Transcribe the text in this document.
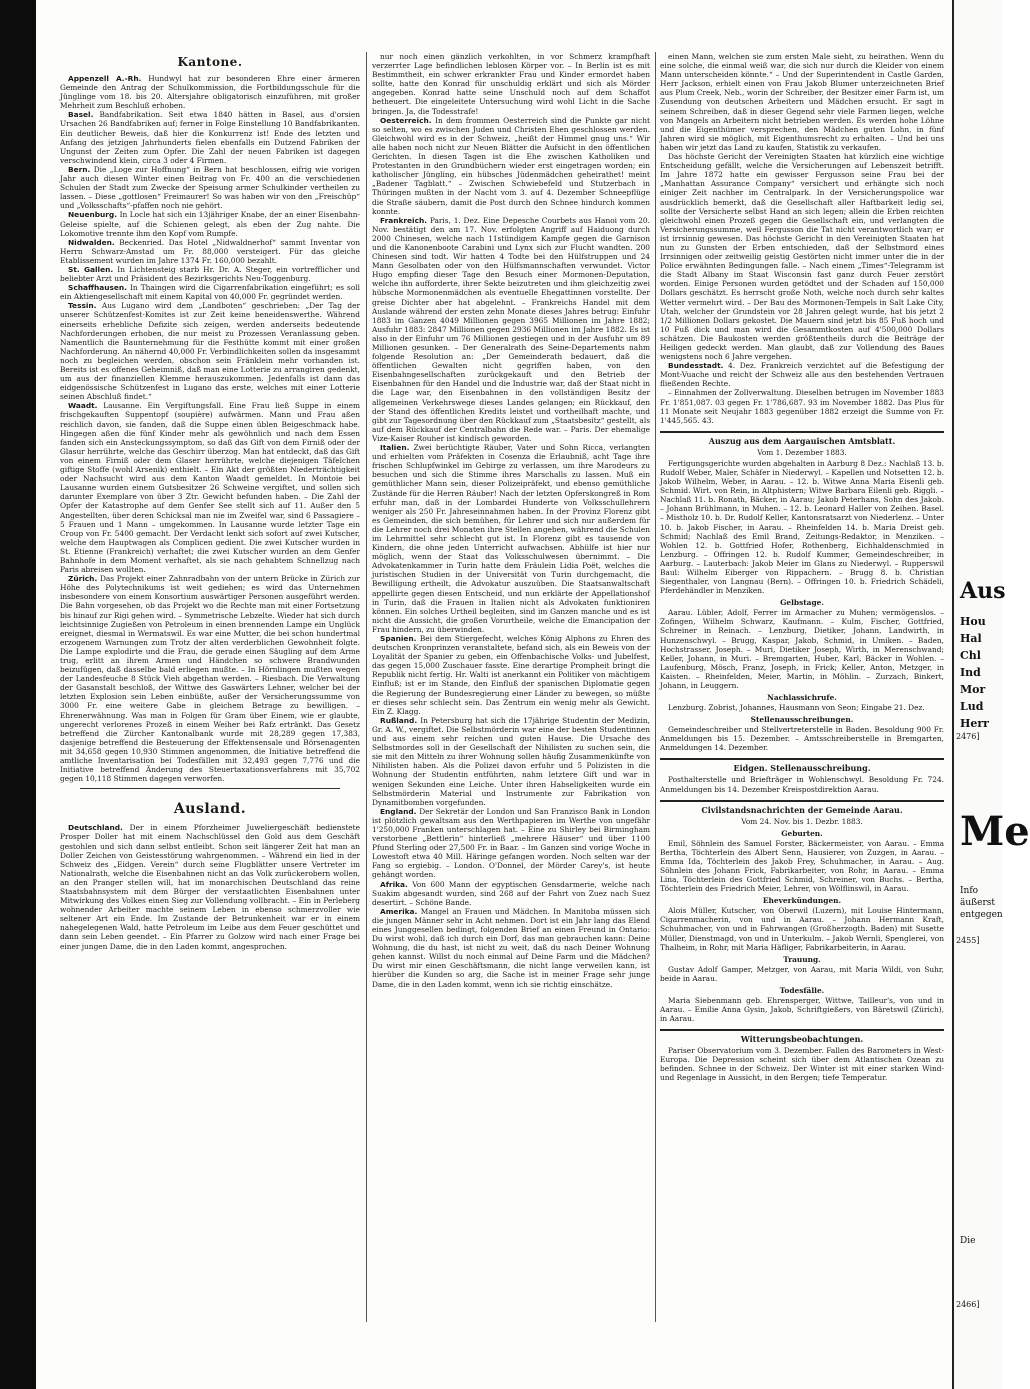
Kantone.

Appenzell A.-Rh. Hundwyl hat zur besonderen Ehre einer ärmeren Gemeinde den Antrag der Schulkommission, die Fortbildungsschule für die Jünglinge vom 18. bis 20. Altersjahre obligatorisch einzuführen, mit großer Mehrheit zum Beschluß erhoben.

Basel. Bandfabrikation. Seit etwa 1840 hätten in Basel, aus d'orsien Ursachen 26 Bandfabriken auf; ferner in Folge Einstellung 10 Bandfabrikanten. Ein deutlicher Beweis, daß hier die Konkurrenz ist! Ende des letzten und Anfang des jetzigen Jahrhunderts fielen ebenfalls ein Dutzend Fabriken der Ungunst der Zeiten zum Opfer. Die Zahl der neuen Fabriken ist dagegen verschwindend klein, circa 3 oder 4 Firmen.

Bern. Die „Loge zur Hoffnung“ in Bern hat beschlossen, eifrig wie vorigen Jahr auch diesen Winter einen Beitrag von Fr. 400 an die verschiedenen Schulen der Stadt zum Zwecke der Speisung armer Schulkinder vertheilen zu lassen. – Diese „gottlosen“ Freimaurer! So was haben wir von den „Freischüp“ und „Volksschafts“-pfaffen noch nie gehört.

Neuenburg. In Locle hat sich ein 13jähriger Knabe, der an einer Eisenbahn-Geleise spielte, auf die Schienen gelegt, als eben der Zug nahte. Die Lokomotive trennte ihm den Kopf vom Rumpfe.

Nidwalden. Beckenried. Das Hotel „Nidwaldnerhof“ sammt Inventar von Herrn Schwarz-Amstad um Fr. 88,000 versteigert. Für das gleiche Etablissement wurden im Jahre 1374 Fr. 160,000 bezahlt.

St. Gallen. In Lichtensteig starb Hr. Dr. A. Steger, ein vortrefflicher und beliebter Arzt und Präsident des Bezirksgerichts Neu-Toggenburg.

Schaffhausen. In Thaingen wird die Cigarrenfabrikation eingeführt; es soll ein Aktiengesellschaft mit einem Kapital von 40,000 Fr. gegründet werden.

Tessin. Aus Lugano wird dem „Landboten“ geschrieben: „Der Tag der unserer Schützenfest-Komites ist zur Zeit keine beneidenswerthe. Während einerseits erhebliche Defizite sich zeigen, werden anderseits bedeutende Nachforderungen erhoben, die nur meist zu Prozessen Veranlassung geben. Namentlich die Baunternehmung für die Festhütte kommt mit einer großen Nachforderung. An nähernd 40,000 Fr. Verbindlichkeiten sollen da insgesammt noch zu begleichen werden, obschon sein Fränklein mehr vorhanden ist. Bereits ist es offenes Geheimniß, daß man eine Lotterie zu arrangiren gedenkt, um aus der finanziellen Klemme herauszukommen. Jedenfalls ist dann das eidgenössische Schützenfest in Lugano das erste, welches mit einer Lotterie seinen Abschluß findet.“

Waadt. Lausanne. Ein Vergiftungsfall. Eine Frau ließ Suppe in einem frischgekauften Suppentopf (soupière) aufwärmen. Mann und Frau aßen reichlich davon, sie fanden, daß die Suppe einen üblen Beigeschmack habe. Hingegen aßen die fünf Kinder mehr als gewöhnlich und nach dem Essen fanden sich ein Ansteckungssymptom, so daß das Gift von dem Firniß oder der Glasur herrührte, welche das Geschirr überzog. Man hat entdeckt, daß das Gift von einem Firniß oder dem Glaser herrührte, welche diejenigen Täfelchen giftige Stoffe (wohl Arsenik) enthielt. – Ein Akt der größten Niederträchtigkeit oder Nachsucht wird aus dem Kanton Waadt gemeldet. In Montoie bei Lausanne wurden einem Gutsbesitzer 26 Schweine vergiftet, und sollen sich darunter Exemplare von über 3 Ztr. Gewicht befunden haben. – Die Zahl der Opfer der Katastrophe auf dem Genfer See stellt sich auf 11. Außer den 5 Angestellten, über deren Schicksal man nie im Zweifel war, sind 6 Passagiere – 5 Frauen und 1 Mann – umgekommen. In Lausanne wurde letzter Tage ein Croup von Fr. 5400 gemacht. Der Verdacht lenkt sich sofort auf zwei Kutscher, welche dem Hauptwagen als Complicen gedient. Die zwei Kutscher wurden in St. Etienne (Frankreich) verhaftet; die zwei Kutscher wurden an dem Genfer Bahnhofe in dem Moment verhaftet, als sie nach gehabtem Schnellzug nach Paris abreisen wollten.

Zürich. Das Projekt einer Zahnradbahn von der untern Brücke in Zürich zur Höhe des Polytechnikums ist weit gediehen; es wird das Unternehmen insbesondere von einem Konsortium auswärtiger Personen ausgeführt werden. Die Bahn vorgesehen, ob das Projekt wo die Rechte man mit einer Fortsetzung bis hinauf zur Rigi gehen wird. – Symmetrische Lebzelte. Wieder hat sich durch leichtsinnige Zugießen von Petroleum in einen brennenden Lampe ein Unglück ereignet, diesmal in Wermatswil. Es war eine Mutter, die bei schon hundertmal erzogenem Warnungen zum Trotz der alten verderblichen Gewohnheit folgte. Die Lampe explodirte und die Frau, die gerade einen Säugling auf dem Arme trug, erlitt an ihrem Armen und Händchen so schwere Brandwunden beizufügen, daß dasselbe bald erliegen mußte. – In Hörnlingen mußten wegen der Landesfeuche 8 Stück Vieh abgethan werden. – Riesbach. Die Verwaltung der Gasanstalt beschloß, der Wittwe des Gaswärters Lehner, welcher bei der letzten Explosion sein Leben einbüßte, außer der Versicherungssumme von 3000 Fr. eine weitere Gabe in gleichem Betrage zu bewilligen. – Ehrenerwähnung. Was man in Folgen für Gram über Einem, wie er glaubte, ungerecht verlorenes Prozeß in einem Weiher bei Rafz ertränkt. Das Gesetz betreffend die Zürcher Kantonalbank wurde mit 28,289 gegen 17,383, dasjenige betreffend die Besteuerung der Effektensensale und Börsenagenten mit 34,658 gegen 10,930 Stimmen angenommen, die Initiative betreffend die amtliche Inventarisation bei Todesfällen mit 32,493 gegen 7,776 und die Initiative betreffend Änderung des Steuertaxationsverfahrens mit 35,702 gegen 10,118 Stimmen dagegen verworfen.

Ausland.

Deutschland. Der in einem Pforzheimer Juweliergeschäft bedienstete Prosper Doller hat mit einem Nachschlüssel den Gold aus dem Geschäft gestohlen und sich dann selbst entleibt. Schon seit längerer Zeit hat man an Doller Zeichen von Geistesstörung wahrgenommen. – Während ein lied in der Schweiz des „Eidgen. Verein“ durch seine Flugblätter unsere Vertreter im Nationalrath, welche die Eisenbahnen nicht an das Volk zurückerobern wollen, an den Pranger stellen will, hat im monarchischen Deutschland das reine Staatsbahnsystem mit dem Bürger der verstaatlichten Eisenbahnen unter Mitwirkung des Volkes einen Sieg zur Vollendung vollbracht. – Ein in Perleberg wohnender Arbeiter machte seinem Leben in ebenso schmerzvoller wie seltener Art ein Ende. Im Zustande der Betrunkenheit war er in einem nahegelegenen Wald, hatte Petroleum im Leibe aus dem Feuer geschüttet und dann sein Leben geendet. – Ein Pfarrer zu Golzow wird nach einer Frage bei einer jungen Dame, die in den Laden kommt, angesprochen.

nur noch einen gänzlich verkohlten, in vor Schmerz krampfhaft verzerrter Lage befindlichen leblosen Körper vor. – In Berlin ist es mit Bestimmtheit, ein schwer erkrankter Frau und Kinder ermordet haben sollte, hatte den Konrad für unschuldig erklärt und sich als Mörder angegeben. Konrad hatte seine Unschuld noch auf dem Schaffot betheuert. Die eingeleitete Untersuchung wird wohl Licht in die Sache bringen. Ja, die Todesstrafe!

Oesterreich. In dem frommen Oesterreich sind die Punkte gar nicht so selten, wo es zwischen Juden und Christen Ehen geschlossen werden. Gleichwohl wird es in der Schweiz, „heißt der Himmel gnug uns.“ Wir alle haben noch nicht zur Neuen Blätter die Aufsicht in den öffentlichen Gerichten. In diesen Tagen ist die Ehe zwischen Katholiken und Protestanten in den Grundbüchern wieder erst eingetragen worden; ein katholischer Jüngling, ein hübsches Jüdenmädchen geheirathet! meint „Badener Tagblatt.“ – Zwischen Schwiebefeld und Stutzerbach in Thüringen mußten in der Nacht vom 3. auf 4. Dezember Schneepflüge die Straße säubern, damit die Post durch den Schnee hindurch kommen konnte.

Frankreich. Paris, 1. Dez. Eine Depesche Courbets aus Hanoi vom 20. Nov. bestätigt den am 17. Nov. erfolgten Angriff auf Haiduong durch 2000 Chinesen, welche nach 11stündigem Kampfe gegen die Garnison und die Kanonenboote Carabini und Lynx sich zur Flucht wandten. 200 Chinesen sind todt. Wir hatten 4 Todte bei den Hülfstruppen und 24 Mann Gesolbaten oder von den Hülfsmannschaften verwundet. Victor Hugo empfing dieser Tage den Besuch einer Mormonen-Deputation, welche ihn aufforderte, ihrer Sekte beizutreten und ihm gleichzeitig zwei hübsche Mormonenmädchen als eventuelle Ehegattinnen vorstellte. Der greise Dichter aber hat abgelehnt. – Frankreichs Handel mit dem Auslande während der ersten zehn Monate dieses Jahres betrug: Einfuhr 1883 im Ganzen 4049 Millionen gegen 3965 Millionen im Jahre 1882; Ausfuhr 1883: 2847 Millionen gegen 2936 Millionen im Jahre 1882. Es ist also in der Einfuhr um 76 Millionen gestiegen und in der Ausfuhr um 89 Millionen gesunken. – Der Generalrath des Seine-Departements nahm folgende Resolution an: „Der Gemeinderath bedauert, daß die öffentlichen Gewalten nicht gegriffen haben, von den Eisenbahngesellschaften zurückgekauft und den Betrieb der Eisenbahnen für den Handel und die Industrie war, daß der Staat nicht in die Lage war, den Eisenbahnen in den vollständigen Besitz der allgemeinen Verkehrswege dieses Landes gelangen; ein Rückkauf, den der Stand des öffentlichen Kredits leistet und vortheilhaft machte, und gibt zur Tagesordnung über den Rückkauf zum „Staatsbesitz“ gestellt, als auf dem Rückkauf der Centralbahn die Rede war. – Paris. Der ehemalige Vize-Kaiser Rouher ist kindisch geworden.

Italien. Zwei berüchtigte Räuber, Vater und Sohn Ricca, verlangten und erhielten vom Präfekten in Cosenza die Erlaubniß, acht Tage ihre frischen Schlupfwinkel im Gebirge zu verlassen, um ihre Marodeurs zu besuchen und sich die Stimme ihres Marschalls zu lassen. Muß ein gemüthlicher Mann sein, dieser Polizeipräfekt, und ebenso gemüthliche Zustände für die Herren Räuber! Nach der letzten Opferskongreß in Rom erfuhr man, daß in der Lombardei Hunderte von Volksschullehrern weniger als 250 Fr. Jahreseinnahmen haben. In der Provinz Florenz gibt es Gemeinden, die sich bemühen, für Lehrer und sich nur außerdem für die Lehrer noch drei Monaten ihre Stellen angeben, während die Schulen im Lehrmittel sehr schlecht gut ist. In Florenz gibt es tausende von Kindern, die ohne jeden Unterricht aufwachsen. Abhülfe ist hier nur möglich, wenn der Staat das Volksschulwesen übernimmt. – Die Advokatenkammer in Turin hatte dem Fräulein Lidia Poët, welches die juristischen Studien in der Universität von Turin durchgemacht, die Bewilligung ertheilt, die Advokatur auszuüben. Die Staatsanwaltschaft appellirte gegen diesen Entscheid, und nun erklärte der Appellationshof in Turin, daß die Frauen in Italien nicht als Advokaten funktioniren können. Ein solches Urtheil begleiten, sind im Ganzen manche und es ist nicht die Aussicht, die großen Vorurtheile, welche die Emancipation der Frau hindern, zu überwinden.

Spanien. Bei dem Stiergefecht, welches König Alphons zu Ehren des deutschen Kronprinzen veranstaltete, befand sich, als ein Beweis von der Loyalität der Spanier zu geben, ein Offenbachische Volks- und Jubelfest, das gegen 15,000 Zuschauer fasste. Eine derartige Prompheit bringt die Republik nicht fertig. Hr. Walti ist anerkannt ein Politiker von mächtigem Einfluß; ist er im Stande, den Einfluß der spanischen Diplomatie gegen die Regierung der Bundesregierung einer Länder zu bewegen, so müßte er dieses sehr schlecht sein. Das Zentrum ein wenig mehr als Gewicht. Ein Z. Klagg.

Rußland. In Petersburg hat sich die 17jährige Studentin der Medizin, Gr. A. W., vergiftet. Die Selbstmörderin war eine der besten Studentinnen und aus einem sehr reichen und guten Hause. Die Ursache des Selbstmordes soll in der Gesellschaft der Nihilisten zu suchen sein, die sie mit den Mitteln zu ihrer Wohnung sollen häufig Zusammenkünfte von Nihilisten haben. Als die Polizei davon erfuhr und 5 Polizisten in die Wohnung der Studentin entführten, nahm letztere Gift und war in wenigen Sekunden eine Leiche. Unter ihren Habseligkeiten wurde ein Selbstmörderin Material und Instrumente zur Fabrikation von Dynamitbomben vorgefunden.

England. Der Sekretär der London und San Franzisco Bank in London ist plötzlich gewaltsam aus den Werthpapieren im Werthe von ungefähr 1'250,000 Franken unterschlagen hat. – Eine zu Shirley bei Birmingham verstorbene „Bettlerin“ hinterließ „mehrere Häuser“ und über 1100 Pfund Sterling oder 27,500 Fr. in Baar. – Im Ganzen sind vorige Woche in Lowestoft etwa 40 Mill. Häringe gefangen worden. Noch selten war der Fang so ergiebig. – London. O'Donnel, der Mörder Carey's, ist heute gehängt worden.

Afrika. Von 600 Mann der egyptischen Gensdarmerie, welche nach Suakim abgesandt wurden, sind 268 auf der Fahrt von Zuez nach Suez desertirt. – Schöne Bande.

Amerika. Mangel an Frauen und Mädchen. In Manitoba müssen sich die jungen Männer sehr in Acht nehmen. Dort ist ein Jahr lang das Elend eines Junggesellen bedingt, folgenden Brief an einen Freund in Ontario: Du wirst wohl, daß ich durch ein Dorf, das man gebrauchen kann: Deine Wohnung, die du hast, ist nicht zu weit, daß du nach Deiner Wohnung gehen kannst. Willst du noch einmal auf Deine Farm und die Mädchen? Du wirst mir einen Geschäftsmann, die nicht lange verweilen kann, ist hierüber die Kunden so arg, die Sache ist in meiner Frage sehr junge Dame, die in den Laden kommt, wenn ich sie richtig einschätze.

einen Mann, welchen sie zum ersten Male sieht, zu heirathen. Wenn du eine solche, die einmal weiß war, die sich nur durch die Kleider von einem Mann unterscheiden könnte.“ – Und der Superintendent in Castle Garden, Herr Jackson, erhielt einen von Frau Jakob Blumer unterzeichneten Brief aus Plum Creek, Neb., worin der Schreiber, der Besitzer einer Farm ist, um Zusendung von deutschen Arbeitern und Mädchen ersucht. Er sagt in seinem Schreiben, daß in dieser Gegend sehr viele Farmen liegen, welche von Mangels an Arbeitern nicht betrieben werden. Es werden hohe Löhne und die Eigenthümer versprechen, den Mädchen guten Lohn, in fünf Jahren wird sie möglich, mit Eigenthumsrecht zu erhalten. – Und bei uns haben wir jetzt das Land zu kaufen, Statistik zu verkaufen.

Das höchste Gericht der Vereinigten Staaten hat kürzlich eine wichtige Entscheidung gefällt, welche die Versicherungen auf Lebenszeit betrifft. Im Jahre 1872 hatte ein gewisser Fergusson seine Frau bei der „Manhattan Assurance Company“ versichert und erhängte sich noch einiger Zeit nachher im Centralpark. In der Versicherungspolice war ausdrücklich bemerkt, daß die Gesellschaft aller Haftbarkeit ledig sei, sollte der Versicherte selbst Hand an sich legen; allein die Erben reichten gleichwohl einen Prozeß gegen die Gesellschaft ein, und verlangten die Versicherungssumme, weil Fergusson die Tat nicht verantwortlich war; er ist irrsinnig gewesen. Das höchste Gericht in den Vereinigten Staaten hat nun zu Gunsten der Erben entschieden, daß der Selbstmord eines Irrsinnigen oder zeitweilig geistig Gestörten nicht immer unter die in der Police erwähnten Bedingungen falle. – Nach einem „Times“-Telegramm ist die Stadt Albany im Staat Wisconsin fast ganz durch Feuer zerstört worden. Einige Personen wurden getödtet und der Schaden auf 150,000 Dollars geschätzt. Es herrscht große Noth, welche noch durch sehr kaltes Wetter vermehrt wird. – Der Bau des Mormonen-Tempels in Salt Lake City, Utah, welcher der Grundstein vor 28 Jahren gelegt wurde, hat bis jetzt 2 1/2 Millionen Dollars gekostet. Die Mauern sind jetzt bis 85 Fuß hoch und 10 Fuß dick und man wird die Gesammtkosten auf 4'500,000 Dollars schätzen. Die Baukosten werden größtentheils durch die Beiträge der Heiligen gedeckt werden. Man glaubt, daß zur Vollendung des Baues wenigstens noch 6 Jahre vergehen.

Bundesstadt. 4. Dez. Frankreich verzichtet auf die Befestigung der Mont-Vuache und reicht der Schweiz alle aus den bestehenden Vertrauen fließenden Rechte.

– Einnahmen der Zollverwaltung. Dieselben betrugen im November 1883 Fr. 1'851,087. 03 gegen Fr. 1'786,687. 93 im November 1882. Das Plus für 11 Monate seit Neujahr 1883 gegenüber 1882 erzeigt die Summe von Fr. 1'445,565. 43.

Auszug aus dem Aargauischen Amtsblatt.
Vom 1. Dezember 1883.

Fertigungsgerichte wurden abgehalten in Aarburg 8 Dez.: Nachlaß 13. b. Rudolf Weber, Maler, Schäfer in Niederwyl. – Kapellen und Notsetten 12. b. Jakob Wilhelm, Weber, in Aarau. – 12. b. Witwe Anna Maria Eisenli geb. Schmid. Wirt. von Rein, in Altphistern; Witwe Barbara Eilenli geb. Riggli. – Nachlaß 11. b. Ronath, Bäcker, in Aarau; Jakob Peterhans, Sohn des Jakob. – Johann Brühlmann, in Muhen. – 12. b. Leonard Haller von Zeihen. Basel. – Mistholz 10. b. Dr. Rudolf Keller, Kantonsratsarzt von Niederlenz. – Unter 10. b. Jakob Fischer, in Aarau. – Rheinfelden 14. b. Maria Dreist geb. Schmid; Nachlaß des Emil Brand, Zeitungs-Redaktor, in Menziken. – Wohlen 12. b. Gottfried Hofer, Rothenberg, Eichhaldenschmied in Lenzburg. – Offringen 12. b. Rudolf Kummer, Gemeindeschreiber, in Aarburg. – Lauterbach: Jakob Meier im Glans zu Niederwyl. – Rupperswil Baul: Wilhelm Eiberger von Rippachern. – Brugg 8. b. Christian Siegenthaler, von Langnau (Bern). – Offringen 10. b. Friedrich Schädeli, Pferdehändler in Menziken.

Gelbstage.

Aarau. Lübler, Adolf, Ferrer im Armacher zu Muhen; vermögenslos. – Zofingen, Wilhelm Schwarz, Kaufmann. – Kulm, Fischer, Gottfried, Schreiner in Reinach. – Lenzburg, Dietiker, Johann, Landwirth, in Hunzenschwyl. – Brugg, Kaspar, Jakob, Schmid, in Umiken. – Baden, Hochstrasser, Joseph. – Muri, Dietiker Joseph, Wirth, in Merenschwand; Keller, Johann, in Muri. – Bremgarten, Huber, Karl, Bäcker in Wohlen. – Laufenburg, Mösch, Franz, Joseph, in Frick; Keller, Anton, Metzger, in Kaisten. – Rheinfelden, Meier, Martin, in Möhlin. – Zurzach, Binkert, Johann, in Leuggern.

Nachlassichrufe.

Lenzburg. Zobrist, Johannes, Hausmann von Seon; Eingabe 21. Dez.

Stellenausschreibungen.

Gemeindeschreiber und Stellvertreterstelle in Baden. Besoldung 900 Fr. Anmeldungen bis 15. Dezember. – Amtsschreiberstelle in Bremgarten, Anmeldungen 14. Dezember.

Eidgen. Stellenausschreibung.

Posthalterstelle und Briefträger in Wohlenschwyl. Besoldung Fr. 724. Anmeldungen bis 14. Dezember Kreispostdirektion Aarau.

Civilstandsnachrichten der Gemeinde Aarau.
Vom 24. Nov. bis 1. Dezbr. 1883.
Geburten.

Emil, Söhnlein des Samuel Forster, Bäckermeister, von Aarau. – Emma Bertha, Töchterlein des Albert Senn, Hausierer, von Zuzgen, in Aarau. – Emma Ida, Töchterlein des Jakob Frey, Schuhmacher, in Aarau. – Aug. Söhnlein des Johann Frick, Fabrikarbeiter, von Rohr, in Aarau. – Emma Lina, Töchterlein des Gottfried Schmid, Schreiner, von Buchs. – Bertha, Töchterlein des Friedrich Meier, Lehrer, von Wölflinswil, in Aarau.

Eheverkündungen.

Alois Müller, Kutscher, von Oberwil (Luzern), mit Louise Hintermann, Cigarrenmacherin, von und in Aarau. – Johann Hermann Kraft, Schuhmacher, von und in Fahrwangen (Großherzogth. Baden) mit Susette Müller, Dienstmagd, von und in Unterkulm. – Jakob Wernli, Spenglerei, von Thalheim, in Rohr, mit Maria Häfliger, Fabrikarbeiterin, in Aarau.

Trauung.

Gustav Adolf Gamper, Metzger, von Aarau, mit Maria Wildi, von Suhr, beide in Aarau.

Todesfälle.

Maria Siebenmann geb. Ehrensperger, Wittwe, Tailleur's, von und in Aarau. – Emilie Anna Gysin, Jakob, Schriftgießers, von Bäretswil (Zürich), in Aarau.

Witterungsbeobachtungen.

Pariser Observatorium vom 3. Dezember. Fallen des Barometers in West-Europa. Die Depression scheint sich über dem Atlantischen Ozean zu befinden. Schnee in der Schweiz. Der Winter ist mit einer starken Wind- und Regenlage in Aussicht, in den Bergen; tiefe Temperatur.

Aus
Hou
Hal
Chl
Ind
Mor
Lud
Herr
2476]
Me
Info
äußerst
entgegen
2455]
Die
2466]
